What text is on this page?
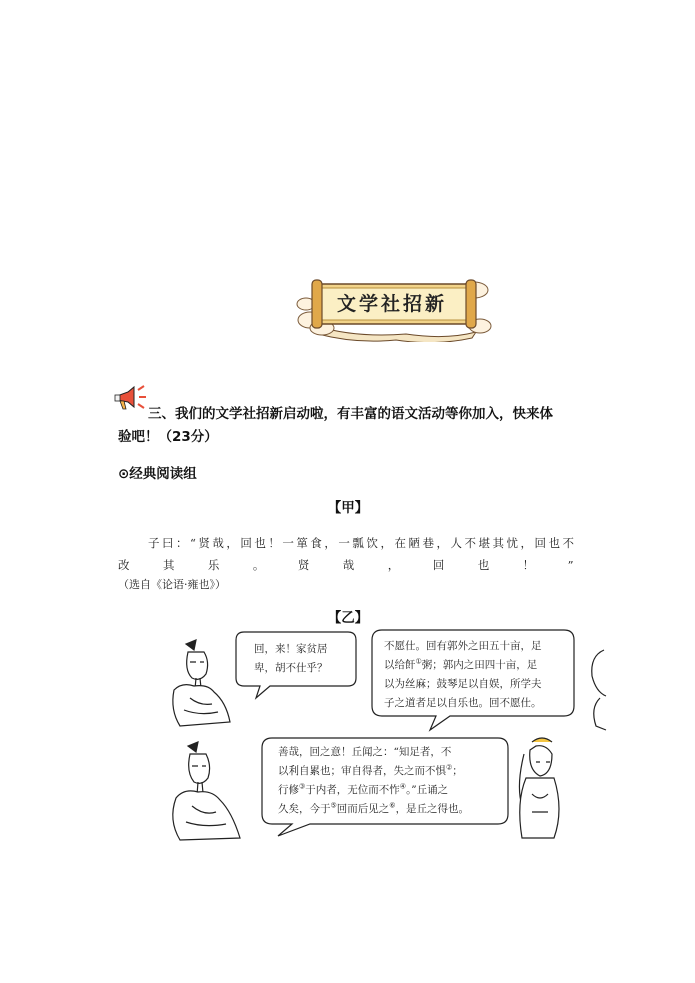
文学社招新
三、我们的文学社招新启动啦，有丰富的语文活动等你加入，快来体
验吧！（23分）
⊙经典阅读组
【甲】
子曰：“贤哉，回也！一箪食，一瓢饮，在陋巷，人不堪其忧，回也不
改 其 乐 。 贤 哉 ， 回 也 ！ ”
（选自《论语·雍也》）
【乙】
回，来！家贫居
卑，胡不仕乎？
不愿仕。回有郭外之田五十亩，足
以给飦①粥；郭内之田四十亩，足
以为丝麻；鼓琴足以自娱，所学夫
子之道者足以自乐也。回不愿仕。
善哉，回之意！丘闻之：“知足者，不
以利自累也；审自得者，失之而不惧②；
行修③于内者，无位而不怍④。”丘诵之
久矣，今于⑤回而后见之⑥，是丘之得也。
